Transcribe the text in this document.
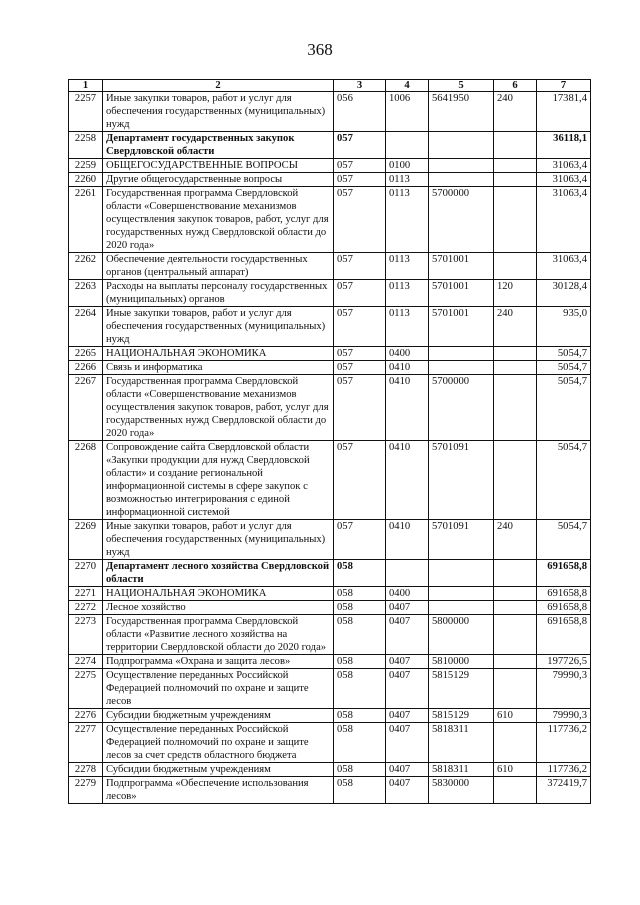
368
1	2	3	4	5	6	7
2257	Иные закупки товаров, работ и услуг для обеспечения государственных (муниципальных) нужд	056	1006	5641950	240	17381,4
2258	Департамент государственных закупок Свердловской области	057				36118,1
2259	ОБЩЕГОСУДАРСТВЕННЫЕ ВОПРОСЫ	057	0100			31063,4
2260	Другие общегосударственные вопросы	057	0113			31063,4
2261	Государственная программа Свердловской области «Совершенствование механизмов осуществления закупок товаров, работ, услуг для государственных нужд Свердловской области до 2020 года»	057	0113	5700000		31063,4
2262	Обеспечение деятельности государственных органов (центральный аппарат)	057	0113	5701001		31063,4
2263	Расходы на выплаты персоналу государственных (муниципальных) органов	057	0113	5701001	120	30128,4
2264	Иные закупки товаров, работ и услуг для обеспечения государственных (муниципальных) нужд	057	0113	5701001	240	935,0
2265	НАЦИОНАЛЬНАЯ ЭКОНОМИКА	057	0400			5054,7
2266	Связь и информатика	057	0410			5054,7
2267	Государственная программа Свердловской области «Совершенствование механизмов осуществления закупок товаров, работ, услуг для государственных нужд Свердловской области до 2020 года»	057	0410	5700000		5054,7
2268	Сопровождение сайта Свердловской области «Закупки продукции для нужд Свердловской области» и создание региональной информационной системы в сфере закупок с возможностью интегрирования с единой информационной системой	057	0410	5701091		5054,7
2269	Иные закупки товаров, работ и услуг для обеспечения государственных (муниципальных) нужд	057	0410	5701091	240	5054,7
2270	Департамент лесного хозяйства Свердловской области	058				691658,8
2271	НАЦИОНАЛЬНАЯ ЭКОНОМИКА	058	0400			691658,8
2272	Лесное хозяйство	058	0407			691658,8
2273	Государственная программа Свердловской области «Развитие лесного хозяйства на территории Свердловской области до 2020 года»	058	0407	5800000		691658,8
2274	Подпрограмма «Охрана и защита лесов»	058	0407	5810000		197726,5
2275	Осуществление переданных Российской Федерацией полномочий по охране и защите лесов	058	0407	5815129		79990,3
2276	Субсидии бюджетным учреждениям	058	0407	5815129	610	79990,3
2277	Осуществление переданных Российской Федерацией полномочий по охране и защите лесов за счет средств областного бюджета	058	0407	5818311		117736,2
2278	Субсидии бюджетным учреждениям	058	0407	5818311	610	117736,2
2279	Подпрограмма «Обеспечение использования лесов»	058	0407	5830000		372419,7
